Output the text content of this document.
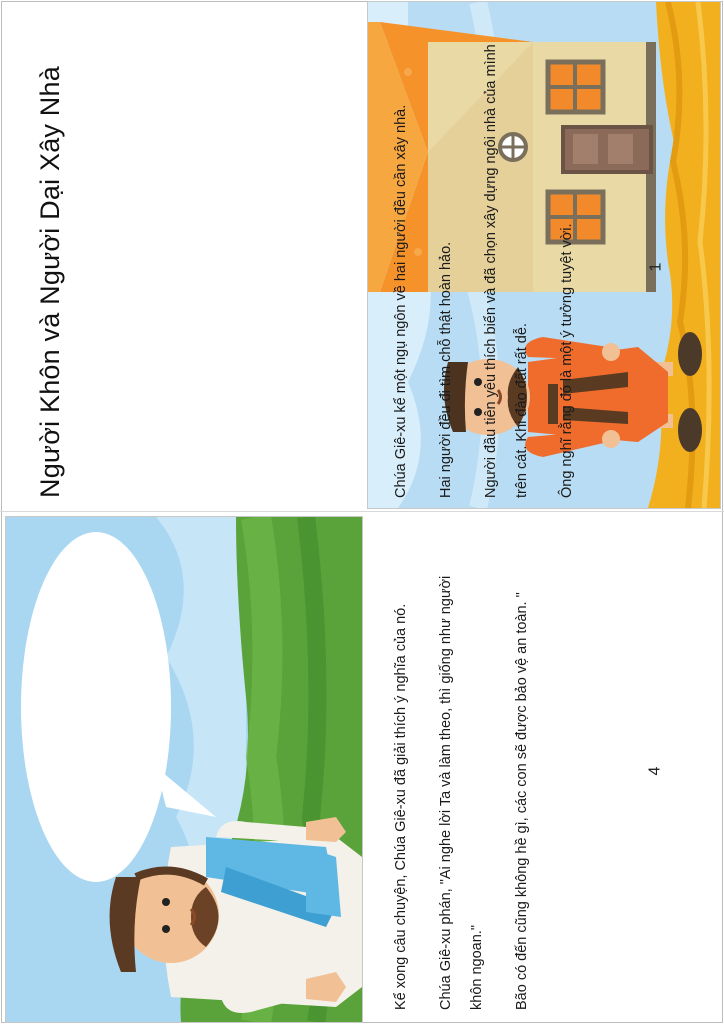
Người Khôn và Người Dại Xây Nhà	Chúa Giê-xu kể một ngụ ngôn về hai người đều cần xây nhà.	Hai người đều đi tìm chỗ thật hoàn hảo.	Người đầu tiên yêu thích biển và đã chọn xây dựng ngôi nhà của mình trên cát. Khi đào đất rất dễ.	Ông nghĩ rằng đó là một ý tưởng tuyệt vời.	1

Kể xong câu chuyện, Chúa Giê-xu đã giải thích ý nghĩa của nó.	Chúa Giê-xu phán, "Ai nghe lời Ta và làm theo, thì giống như người khôn ngoan."	Bão có đến cũng không hề gì, các con sẽ được bảo vệ an toàn. "	4
